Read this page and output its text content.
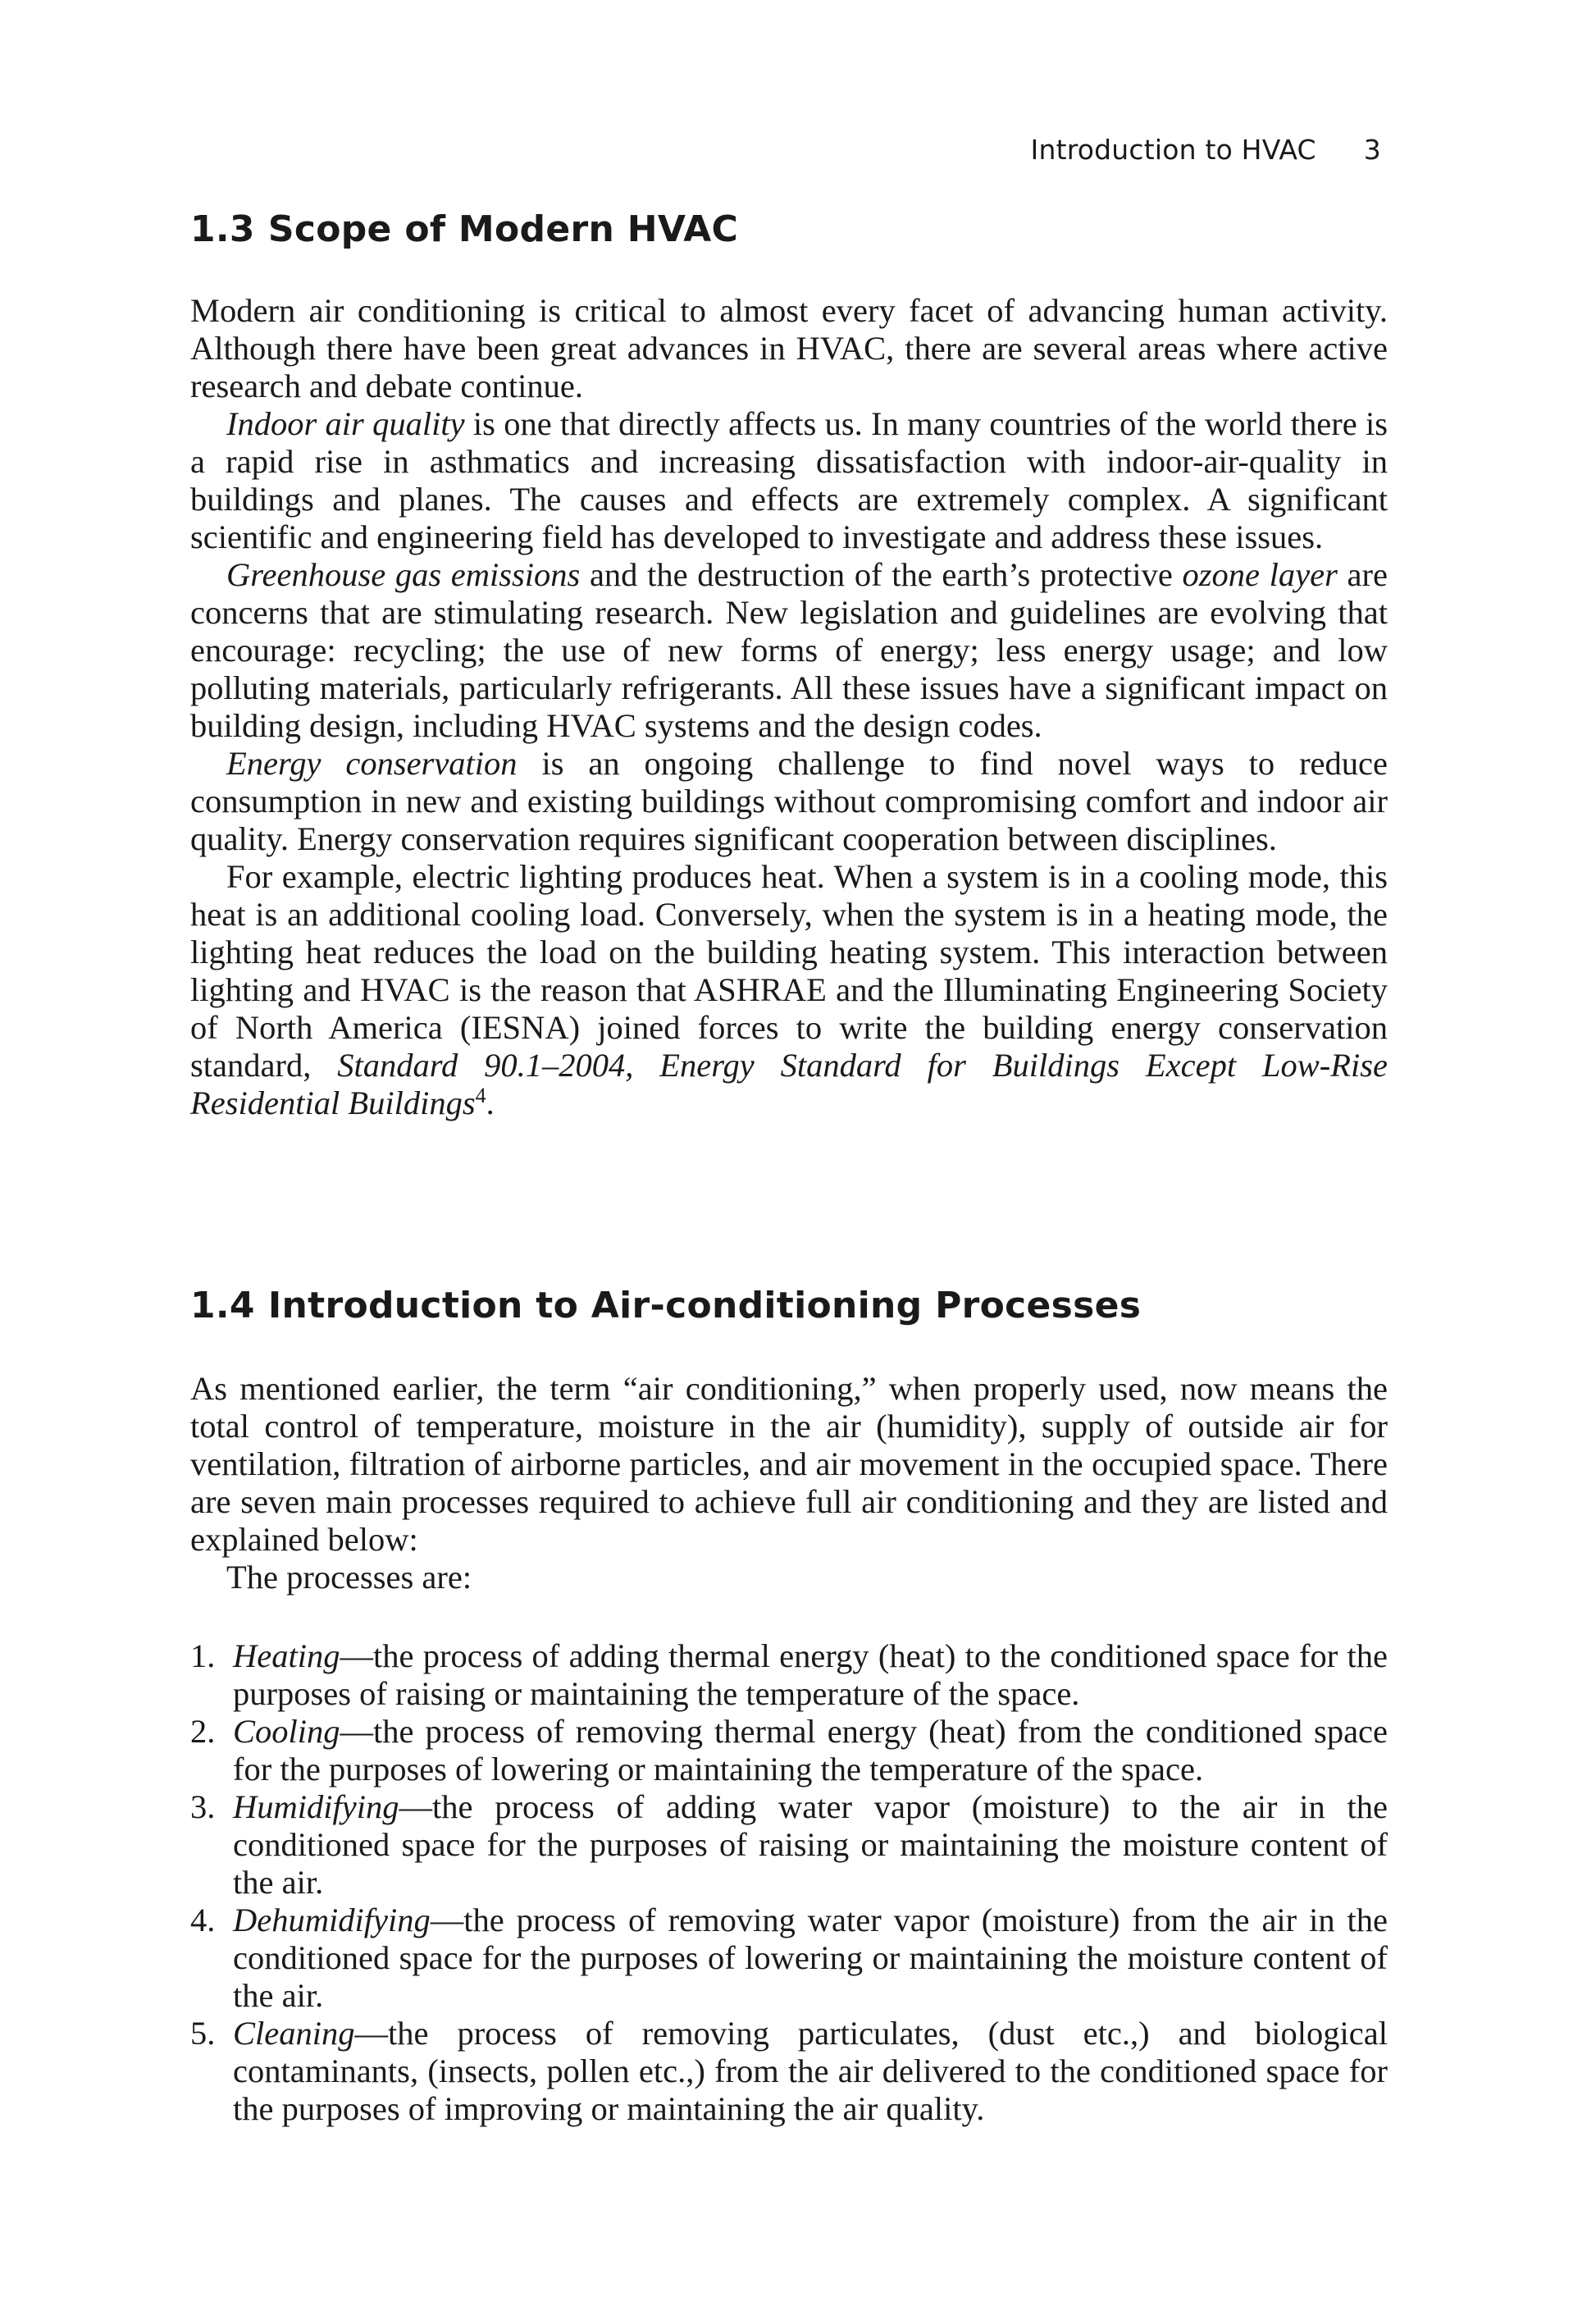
Introduction to HVAC 3
1.3 Scope of Modern HVAC

Modern air conditioning is critical to almost every facet of advancing human activity. Although there have been great advances in HVAC, there are several areas where active research and debate continue.

Indoor air quality is one that directly affects us. In many countries of the world there is a rapid rise in asthmatics and increasing dissatisfaction with indoor-air-quality in buildings and planes. The causes and effects are extremely complex. A significant scientific and engineering field has developed to investigate and address these issues.

Greenhouse gas emissions and the destruction of the earth’s protective ozone layer are concerns that are stimulating research. New legislation and guidelines are evolving that encourage: recycling; the use of new forms of energy; less energy usage; and low polluting materials, particularly refrigerants. All these issues have a significant impact on building design, including HVAC systems and the design codes.

Energy conservation is an ongoing challenge to find novel ways to reduce consumption in new and existing buildings without compromising comfort and indoor air quality. Energy conservation requires significant cooperation between disciplines.

For example, electric lighting produces heat. When a system is in a cooling mode, this heat is an additional cooling load. Conversely, when the system is in a heating mode, the lighting heat reduces the load on the building heating system. This interaction between lighting and HVAC is the reason that ASHRAE and the Illuminating Engineering Society of North America (IESNA) joined forces to write the building energy conservation standard, Standard 90.1–2004, Energy Standard for Buildings Except Low-Rise Residential Buildings$^4$.

1.4 Introduction to Air-conditioning Processes

As mentioned earlier, the term “air conditioning,” when properly used, now means the total control of temperature, moisture in the air (humidity), supply of outside air for ventilation, filtration of airborne particles, and air movement in the occupied space. There are seven main processes required to achieve full air conditioning and they are listed and explained below:

The processes are:

1. Heating—the process of adding thermal energy (heat) to the conditioned space for the purposes of raising or maintaining the temperature of the space.
2. Cooling—the process of removing thermal energy (heat) from the conditioned space for the purposes of lowering or maintaining the temperature of the space.
3. Humidifying—the process of adding water vapor (moisture) to the air in the conditioned space for the purposes of raising or maintaining the moisture content of the air.
4. Dehumidifying—the process of removing water vapor (moisture) from the air in the conditioned space for the purposes of lowering or maintaining the moisture content of the air.
5. Cleaning—the process of removing particulates, (dust etc.,) and biological contaminants, (insects, pollen etc.,) from the air delivered to the conditioned space for the purposes of improving or maintaining the air quality.
